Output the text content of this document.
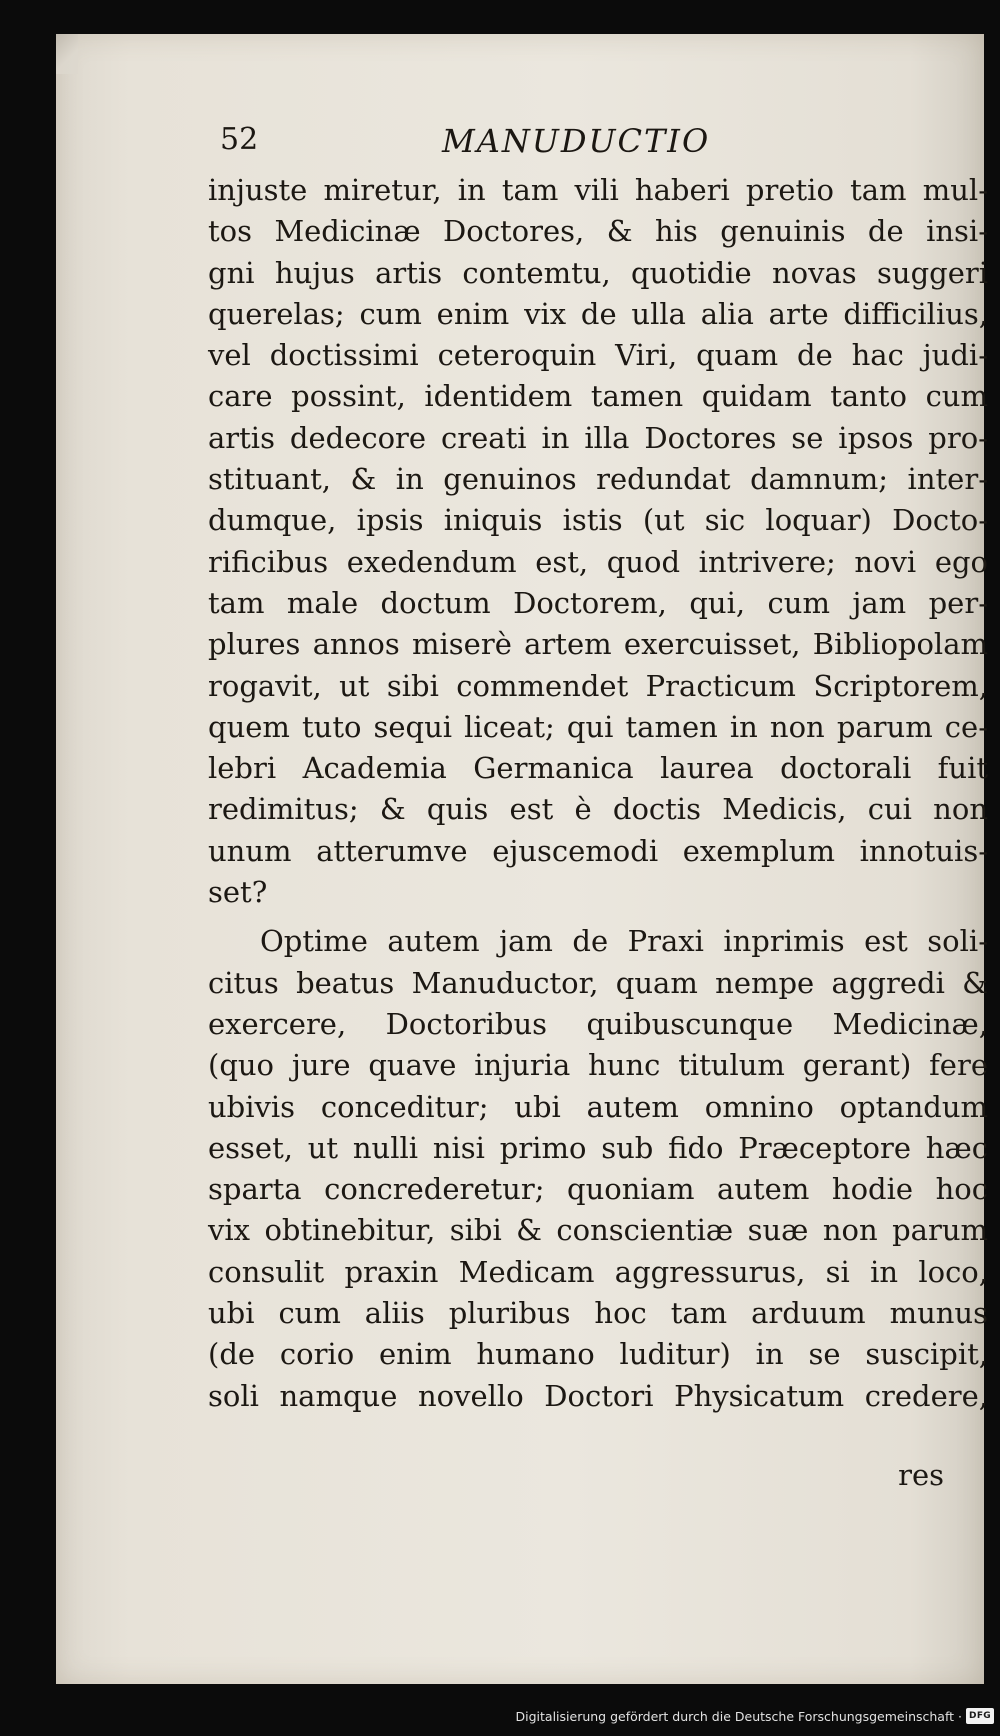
52	MANUDUCTIO
injuste miretur, in tam vili haberi pretio tam mul-
tos Medicinæ Doctores, & his genuinis de insi-
gni hujus artis contemtu, quotidie novas suggeri
querelas; cum enim vix de ulla alia arte difficilius,
vel doctissimi ceteroquin Viri, quam de hac judi-
care possint, identidem tamen quidam tanto cum
artis dedecore creati in illa Doctores se ipsos pro-
stituant, & in genuinos redundat damnum; inter-
dumque, ipsis iniquis istis (ut sic loquar) Docto-
rificibus exedendum est, quod intrivere; novi ego
tam male doctum Doctorem, qui, cum jam per-
plures annos miserè artem exercuisset, Bibliopolam
rogavit, ut sibi commendet Practicum Scriptorem,
quem tuto sequi liceat; qui tamen in non parum ce-
lebri Academia Germanica laurea doctorali fuit
redimitus; & quis est è doctis Medicis, cui non
unum atterumve ejuscemodi exemplum innotuis-
set?
Optime autem jam de Praxi inprimis est soli-
citus beatus Manuductor, quam nempe aggredi &
exercere, Doctoribus quibuscunque Medicinæ,
(quo jure quave injuria hunc titulum gerant) fere
ubivis conceditur; ubi autem omnino optandum
esset, ut nulli nisi primo sub fido Præceptore hæc
sparta concrederetur; quoniam autem hodie hoc
vix obtinebitur, sibi & conscientiæ suæ non parum
consulit praxin Medicam aggressurus, si in loco,
ubi cum aliis pluribus hoc tam arduum munus
(de corio enim humano luditur) in se suscipit,
soli namque novello Doctori Physicatum credere,
res
Digitalisierung gefördert durch die Deutsche Forschungsgemeinschaft · DFG
